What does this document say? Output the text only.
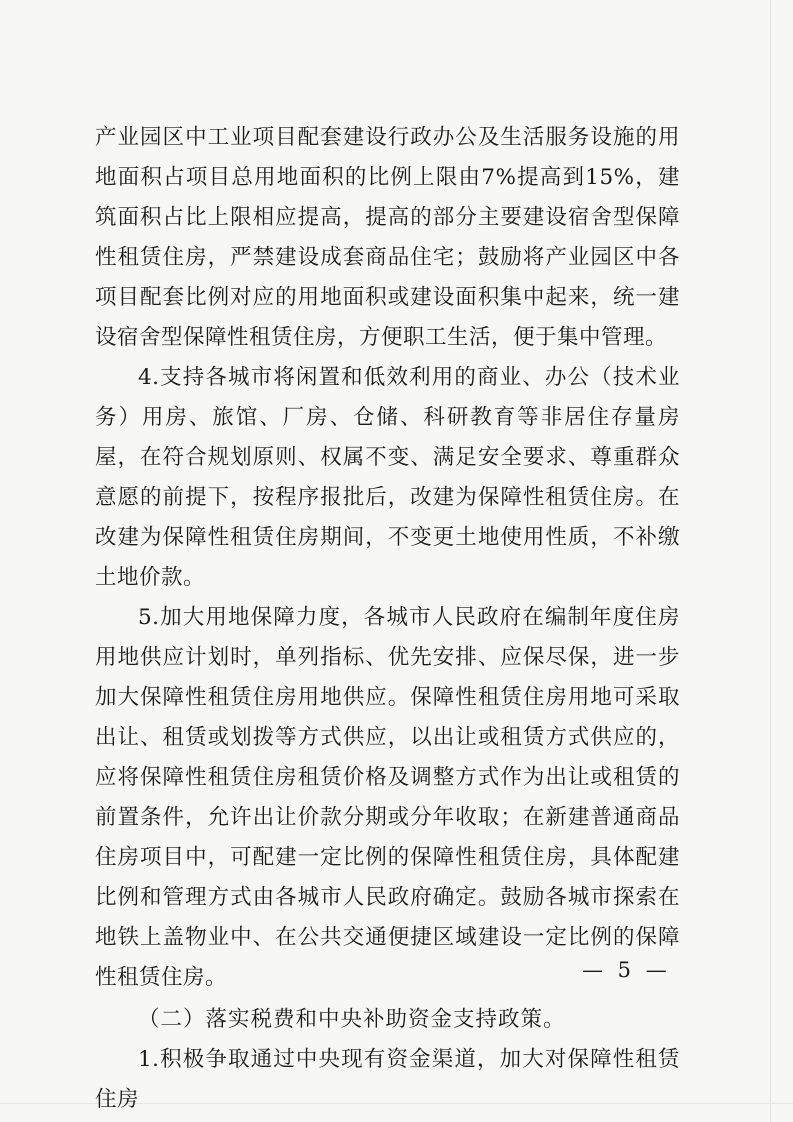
产业园区中工业项目配套建设行政办公及生活服务设施的用地面积占项目总用地面积的比例上限由7%提高到15%，建筑面积占比上限相应提高，提高的部分主要建设宿舍型保障性租赁住房，严禁建设成套商品住宅；鼓励将产业园区中各项目配套比例对应的用地面积或建设面积集中起来，统一建设宿舍型保障性租赁住房，方便职工生活，便于集中管理。

4.支持各城市将闲置和低效利用的商业、办公（技术业务）用房、旅馆、厂房、仓储、科研教育等非居住存量房屋，在符合规划原则、权属不变、满足安全要求、尊重群众意愿的前提下，按程序报批后，改建为保障性租赁住房。在改建为保障性租赁住房期间，不变更土地使用性质，不补缴土地价款。

5.加大用地保障力度，各城市人民政府在编制年度住房用地供应计划时，单列指标、优先安排、应保尽保，进一步加大保障性租赁住房用地供应。保障性租赁住房用地可采取出让、租赁或划拨等方式供应，以出让或租赁方式供应的，应将保障性租赁住房租赁价格及调整方式作为出让或租赁的前置条件，允许出让价款分期或分年收取；在新建普通商品住房项目中，可配建一定比例的保障性租赁住房，具体配建比例和管理方式由各城市人民政府确定。鼓励各城市探索在地铁上盖物业中、在公共交通便捷区域建设一定比例的保障性租赁住房。

（二）落实税费和中央补助资金支持政策。

1.积极争取通过中央现有资金渠道，加大对保障性租赁住房

— 5 —
